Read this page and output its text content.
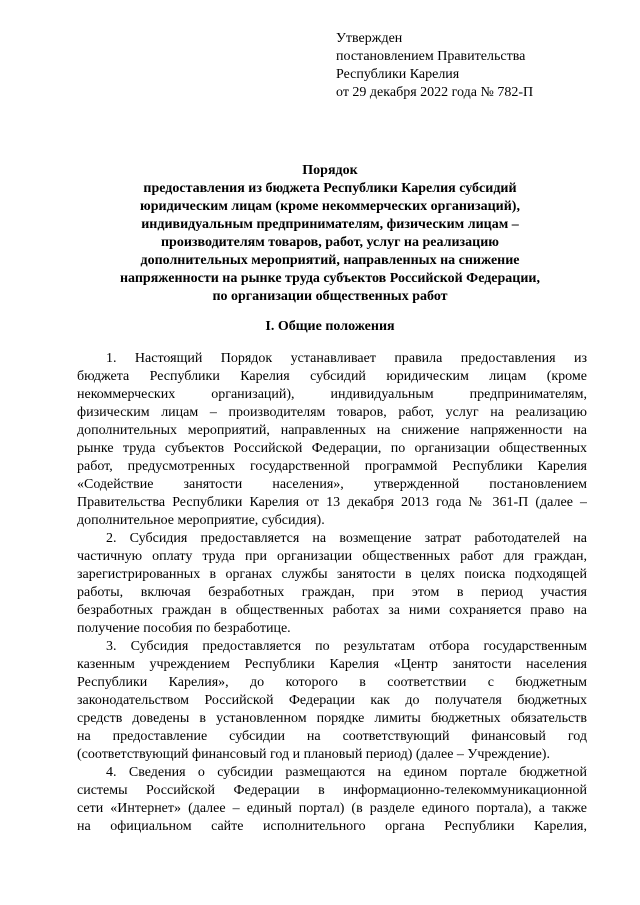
Утвержден
постановлением Правительства
Республики Карелия
от 29 декабря 2022 года № 782-П
Порядок
предоставления из бюджета Республики Карелия субсидий
юридическим лицам (кроме некоммерческих организаций),
индивидуальным предпринимателям, физическим лицам –
производителям товаров, работ, услуг на реализацию
дополнительных мероприятий, направленных на снижение
напряженности на рынке труда субъектов Российской Федерации,
по организации общественных работ
I. Общие положения
1. Настоящий Порядок устанавливает правила предоставления из
бюджета Республики Карелия субсидий юридическим лицам (кроме
некоммерческих организаций), индивидуальным предпринимателям,
физическим лицам – производителям товаров, работ, услуг на реализацию
дополнительных мероприятий, направленных на снижение напряженности на
рынке труда субъектов Российской Федерации, по организации общественных
работ, предусмотренных государственной программой Республики Карелия
«Содействие занятости населения», утвержденной постановлением
Правительства Республики Карелия от 13 декабря 2013 года № 361-П (далее –
дополнительное мероприятие, субсидия).
2. Субсидия предоставляется на возмещение затрат работодателей на
частичную оплату труда при организации общественных работ для граждан,
зарегистрированных в органах службы занятости в целях поиска подходящей
работы, включая безработных граждан, при этом в период участия
безработных граждан в общественных работах за ними сохраняется право на
получение пособия по безработице.
3. Субсидия предоставляется по результатам отбора государственным
казенным учреждением Республики Карелия «Центр занятости населения
Республики Карелия», до которого в соответствии с бюджетным
законодательством Российской Федерации как до получателя бюджетных
средств доведены в установленном порядке лимиты бюджетных обязательств
на предоставление субсидии на соответствующий финансовый год
(соответствующий финансовый год и плановый период) (далее – Учреждение).
4. Сведения о субсидии размещаются на едином портале бюджетной
системы Российской Федерации в информационно-телекоммуникационной
сети «Интернет» (далее – единый портал) (в разделе единого портала), а также
на официальном сайте исполнительного органа Республики Карелия,
